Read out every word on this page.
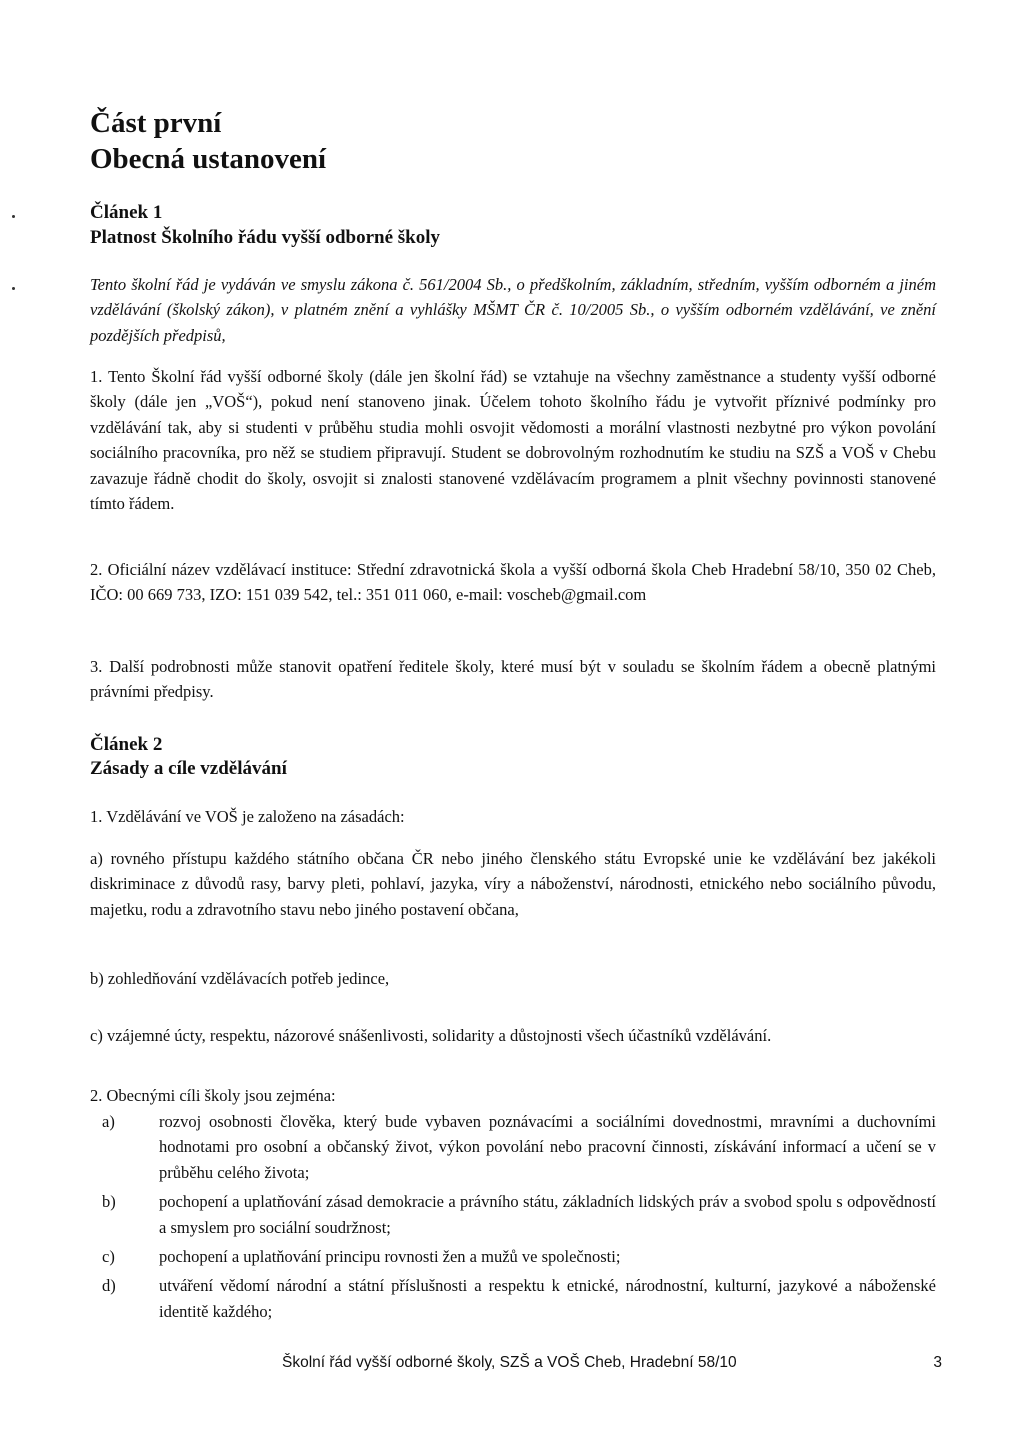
Část první
Obecná ustanovení
Článek 1
Platnost Školního řádu vyšší odborné školy

Tento školní řád je vydáván ve smyslu zákona č. 561/2004 Sb., o předškolním, základním, středním, vyšším odborném a jiném vzdělávání (školský zákon), v platném znění a vyhlášky MŠMT ČR č. 10/2005 Sb., o vyšším odborném vzdělávání, ve znění pozdějších předpisů,

1. Tento Školní řád vyšší odborné školy (dále jen školní řád) se vztahuje na všechny zaměstnance a studenty vyšší odborné školy (dále jen „VOŠ“), pokud není stanoveno jinak. Účelem tohoto školního řádu je vytvořit příznivé podmínky pro vzdělávání tak, aby si studenti v průběhu studia mohli osvojit vědomosti a morální vlastnosti nezbytné pro výkon povolání sociálního pracovníka, pro něž se studiem připravují. Student se dobrovolným rozhodnutím ke studiu na SZŠ a VOŠ v Chebu zavazuje řádně chodit do školy, osvojit si znalosti stanovené vzdělávacím programem a plnit všechny povinnosti stanovené tímto řádem.

2. Oficiální název vzdělávací instituce: Střední zdravotnická škola a vyšší odborná škola Cheb Hradební 58/10, 350 02 Cheb, IČO: 00 669 733, IZO: 151 039 542, tel.: 351 011 060, e-mail: voscheb@gmail.com

3. Další podrobnosti může stanovit opatření ředitele školy, které musí být v souladu se školním řádem a obecně platnými právními předpisy.

Článek 2
Zásady a cíle vzdělávání

1. Vzdělávání ve VOŠ je založeno na zásadách:

a) rovného přístupu každého státního občana ČR nebo jiného členského státu Evropské unie ke vzdělávání bez jakékoli diskriminace z důvodů rasy, barvy pleti, pohlaví, jazyka, víry a náboženství, národnosti, etnického nebo sociálního původu, majetku, rodu a zdravotního stavu nebo jiného postavení občana,

b) zohledňování vzdělávacích potřeb jedince,

c) vzájemné úcty, respektu, názorové snášenlivosti, solidarity a důstojnosti všech účastníků vzdělávání.

2. Obecnými cíli školy jsou zejména:

a)	rozvoj osobnosti člověka, který bude vybaven poznávacími a sociálními dovednostmi, mravními a duchovními hodnotami pro osobní a občanský život, výkon povolání nebo pracovní činnosti, získávání informací a učení se v průběhu celého života;
b)	pochopení a uplatňování zásad demokracie a právního státu, základních lidských práv a svobod spolu s odpovědností a smyslem pro sociální soudržnost;
c)	pochopení a uplatňování principu rovnosti žen a mužů ve společnosti;
d)	utváření vědomí národní a státní příslušnosti a respektu k etnické, národnostní, kulturní, jazykové a náboženské identitě každého;
Školní řád vyšší odborné školy, SZŠ a VOŠ Cheb, Hradební 58/10	3
